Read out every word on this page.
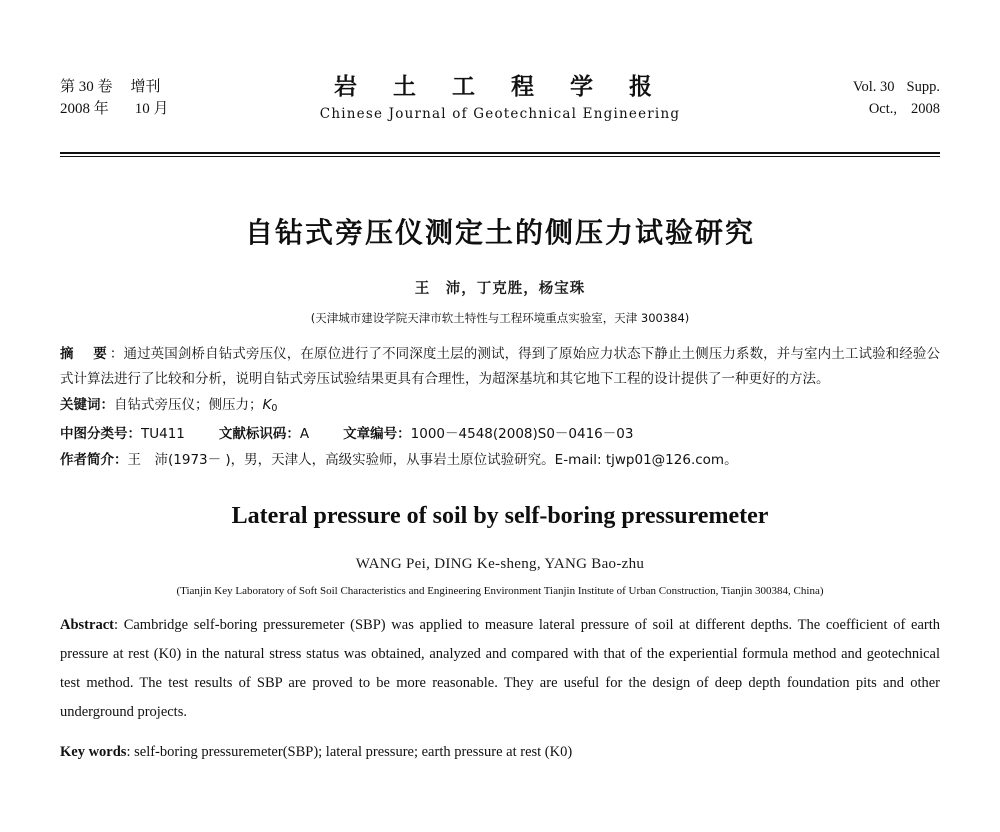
第 30 卷 增刊
2008 年 10 月
岩 土 工 程 学 报
Chinese Journal of Geotechnical Engineering
Vol. 30 Supp.
Oct., 2008
自钻式旁压仪测定土的侧压力试验研究
王　沛，丁克胜，杨宝珠
(天津城市建设学院天津市软土特性与工程环境重点实验室，天津 300384)
摘　要：通过英国剑桥自钻式旁压仪，在原位进行了不同深度土层的测试，得到了原始应力状态下静止土侧压力系数，并与室内土工试验和经验公式计算法进行了比较和分析，说明自钻式旁压试验结果更具有合理性，为超深基坑和其它地下工程的设计提供了一种更好的方法。
关键词：自钻式旁压仪；侧压力；$K_0$
中图分类号：TU411	文献标识码：A	文章编号：1000－4548(2008)S0－0416－03
作者简介：王　沛(1973－ )，男，天津人，高级实验师，从事岩土原位试验研究。E-mail: tjwp01@126.com。
Lateral pressure of soil by self-boring pressuremeter
WANG Pei, DING Ke-sheng, YANG Bao-zhu
(Tianjin Key Laboratory of Soft Soil Characteristics and Engineering Environment Tianjin Institute of Urban Construction, Tianjin 300384, China)
Abstract: Cambridge self-boring pressuremeter (SBP) was applied to measure lateral pressure of soil at different depths. The coefficient of earth pressure at rest (K0) in the natural stress status was obtained, analyzed and compared with that of the experiential formula method and geotechnical test method. The test results of SBP are proved to be more reasonable. They are useful for the design of deep depth foundation pits and other underground projects.
Key words: self-boring pressuremeter(SBP); lateral pressure; earth pressure at rest (K0)
